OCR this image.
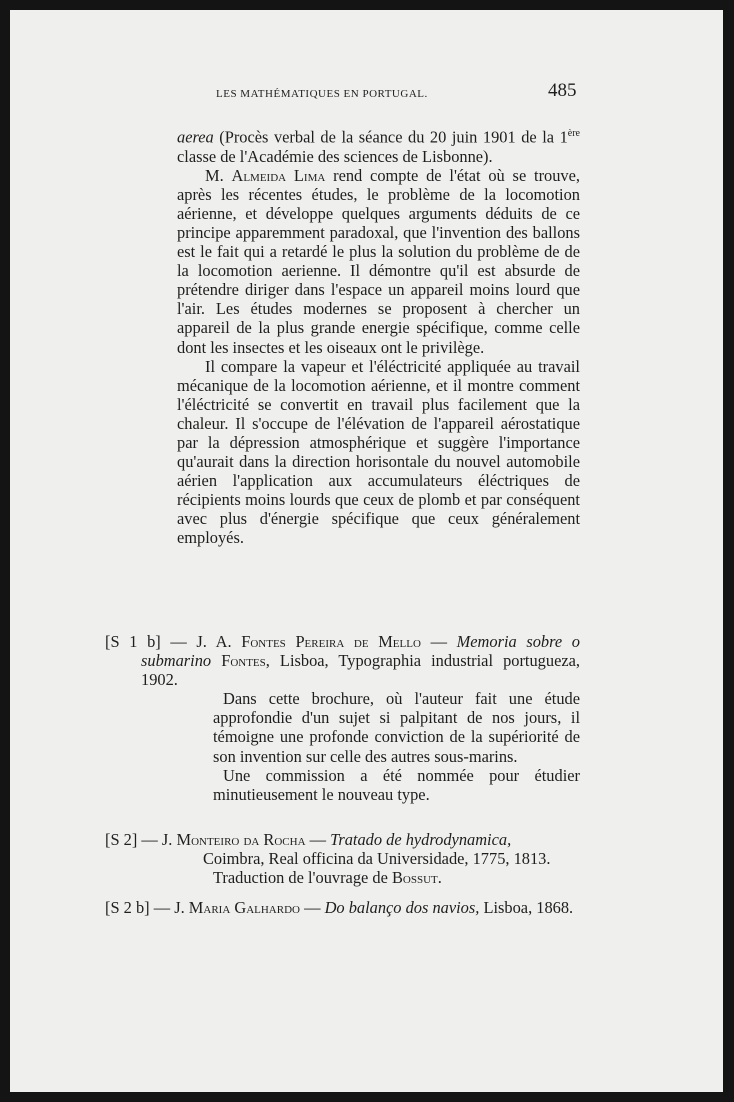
LES MATHÉMATIQUES EN PORTUGAL.	485

aerea (Procès verbal de la séance du 20 juin 1901 de la 1ère classe de l'Académie des sciences de Lisbonne).

M. Almeida Lima rend compte de l'état où se trouve, après les récentes études, le problème de la locomotion aérienne, et développe quelques arguments déduits de ce principe apparemment paradoxal, que l'invention des ballons est le fait qui a retardé le plus la solution du problème de de la locomotion aerienne. Il démontre qu'il est absurde de prétendre diriger dans l'espace un appareil moins lourd que l'air. Les études modernes se proposent à chercher un appareil de la plus grande energie spécifique, comme celle dont les insectes et les oiseaux ont le privilège.

Il compare la vapeur et l'éléctricité appliquée au travail mécanique de la locomotion aérienne, et il montre comment l'éléctricité se convertit en travail plus facilement que la chaleur. Il s'occupe de l'élévation de l'appareil aérostatique par la dépression atmosphérique et suggère l'importance qu'aurait dans la direction horisontale du nouvel automobile aérien l'application aux accumulateurs éléctriques de récipients moins lourds que ceux de plomb et par conséquent avec plus d'énergie spécifique que ceux généralement employés.

[S 1 b] — J. A. Fontes Pereira de Mello — Memoria sobre o submarino Fontes, Lisboa, Typographia industrial portugueza, 1902.

Dans cette brochure, où l'auteur fait une étude approfondie d'un sujet si palpitant de nos jours, il témoigne une profonde conviction de la supériorité de son invention sur celle des autres sous-marins.

Une commission a été nommée pour étudier minutieusement le nouveau type.

[S 2] — J. Monteiro da Rocha — Tratado de hydrodynamica,

Coimbra, Real officina da Universidade, 1775, 1813.

Traduction de l'ouvrage de Bossut.

[S 2 b] — J. Maria Galhardo — Do balanço dos navios, Lisboa, 1868.
